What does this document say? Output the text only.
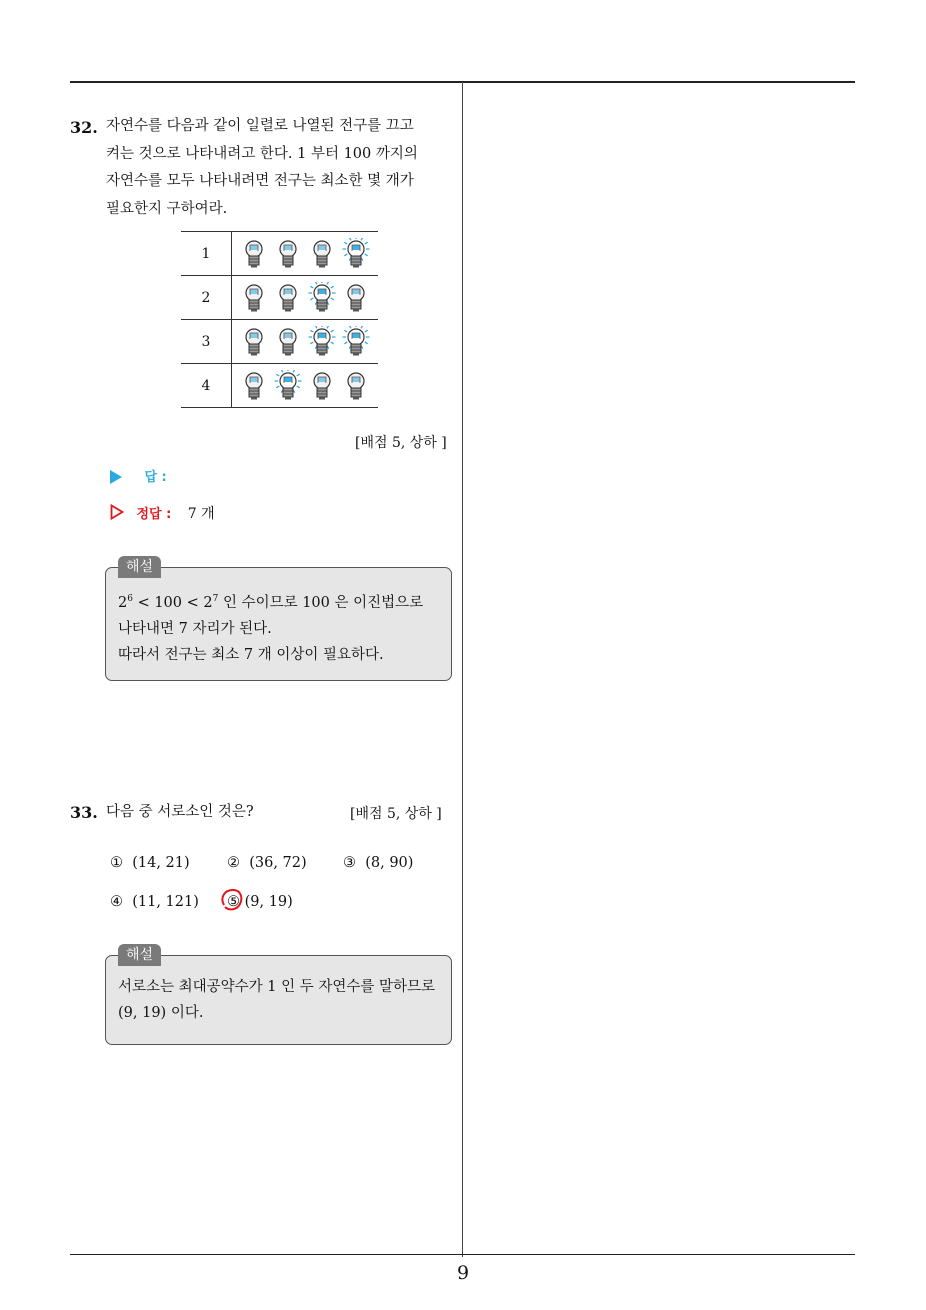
32. 자연수를 다음과 같이 일렬로 나열된 전구를 끄고
켜는 것으로 나타내려고 한다. 1 부터 100 까지의
자연수를 모두 나타내려면 전구는 최소한 몇 개가
필요한지 구하여라.
1	

2	

3	

4	
[배점 5, 상하 ]
답 :
정답 : 7 개
$2^6 < 100 < 2^7$ 인 수이므로 100 은 이진법으로
나타내면 7 자리가 된다.
따라서 전구는 최소 7 개 이상이 필요하다.
해설
33. 다음 중 서로소인 것은?	[배점 5, 상하 ]
① (14, 21)	② (36, 72)	③ (8, 90)
④ (11, 121) ⑤ (9, 19)
서로소는 최대공약수가 1 인 두 자연수를 말하므로
(9, 19) 이다.
해설
9
